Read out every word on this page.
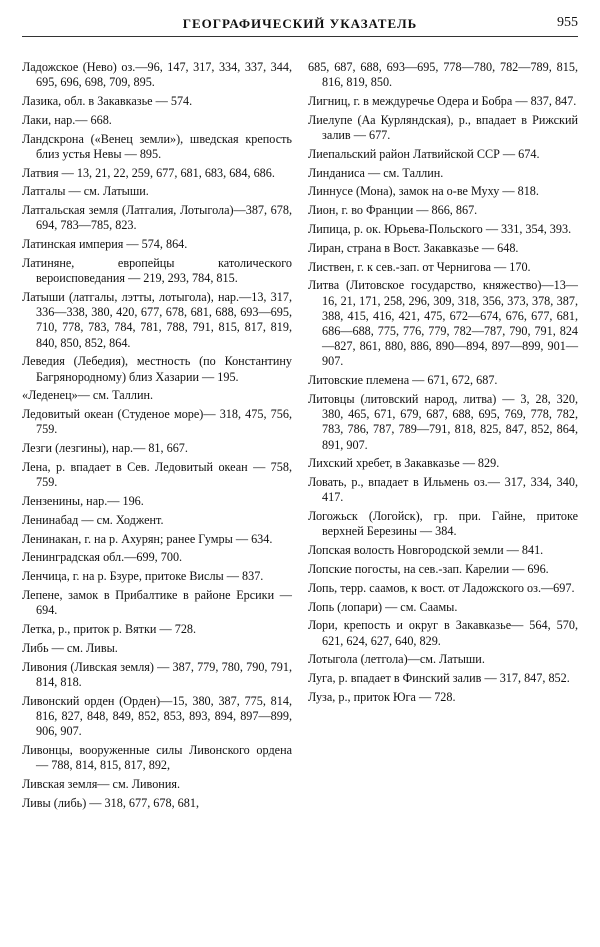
ГЕОГРАФИЧЕСКИЙ УКАЗАТЕЛЬ	955

Ладожское (Нево) оз.—96, 147, 317, 334, 337, 344, 695, 696, 698, 709, 895.

Лазика, обл. в Закавказье — 574.

Лаки, нар.— 668.

Ландскрона («Венец земли»), шведская крепость близ устья Невы — 895.

Латвия — 13, 21, 22, 259, 677, 681, 683, 684, 686.

Латгалы — см. Латыши.

Латгальская земля (Латгалия, Лотыгола)—387, 678, 694, 783—785, 823.

Латинская империя — 574, 864.

Латиняне, европейцы католического вероисповедания — 219, 293, 784, 815.

Латыши (латгалы, лэтты, лотыгола), нар.—13, 317, 336—338, 380, 420, 677, 678, 681, 688, 693—695, 710, 778, 783, 784, 781, 788, 791, 815, 817, 819, 840, 850, 852, 864.

Леведия (Лебедия), местность (по Константину Багрянородному) близ Хазарии — 195.

«Леденец»— см. Таллин.

Ледовитый океан (Студеное море)— 318, 475, 756, 759.

Лезги (лезгины), нар.— 81, 667.

Лена, р. впадает в Сев. Ледовитый океан — 758, 759.

Лензенины, нар.— 196.

Ленинабад — см. Ходжент.

Ленинакан, г. на р. Ахурян; ранее Гумры — 634.

Ленинградская обл.—699, 700.

Ленчица, г. на р. Бзуре, притоке Вислы — 837.

Лепене, замок в Прибалтике в районе Ерсики — 694.

Летка, р., приток р. Вятки — 728.

Либь — см. Ливы.

Ливония (Ливская земля) — 387, 779, 780, 790, 791, 814, 818.

Ливонский орден (Орден)—15, 380, 387, 775, 814, 816, 827, 848, 849, 852, 853, 893, 894, 897—899, 906, 907.

Ливонцы, вооруженные силы Ливонского ордена — 788, 814, 815, 817, 892,

Ливская земля— см. Ливония.

Ливы (либь) — 318, 677, 678, 681,

685, 687, 688, 693—695, 778—780, 782—789, 815, 816, 819, 850.

Лигниц, г. в междуречье Одера и Бобра — 837, 847.

Лиелупе (Аа Курляндская), р., впадает в Рижский залив — 677.

Лиепальский район Латвийской ССР — 674.

Линданиса — см. Таллин.

Линнусе (Мона), замок на о-ве Муху — 818.

Лион, г. во Франции — 866, 867.

Липица, р. ок. Юрьева-Польского — 331, 354, 393.

Лиран, страна в Вост. Закавказье — 648.

Листвен, г. к сев.-зап. от Чернигова — 170.

Литва (Литовское государство, княжество)—13—16, 21, 171, 258, 296, 309, 318, 356, 373, 378, 387, 388, 415, 416, 421, 475, 672—674, 676, 677, 681, 686—688, 775, 776, 779, 782—787, 790, 791, 824—827, 861, 880, 886, 890—894, 897—899, 901—907.

Литовские племена — 671, 672, 687.

Литовцы (литовский народ, литва) — 3, 28, 320, 380, 465, 671, 679, 687, 688, 695, 769, 778, 782, 783, 786, 787, 789—791, 818, 825, 847, 852, 864, 891, 907.

Лихский хребет, в Закавказье — 829.

Ловать, р., впадает в Ильмень оз.— 317, 334, 340, 417.

Логожьск (Логойск), гр. при. Гайне, притоке верхней Березины — 384.

Лопская волость Новгородской земли — 841.

Лопские погосты, на сев.-зап. Карелии — 696.

Лопь, терр. саамов, к вост. от Ладожского оз.—697.

Лопь (лопари) — см. Саамы.

Лори, крепость и округ в Закавказье— 564, 570, 621, 624, 627, 640, 829.

Лотыгола (летгола)—см. Латыши.

Луга, р. впадает в Финский залив — 317, 847, 852.

Луза, р., приток Юга — 728.
